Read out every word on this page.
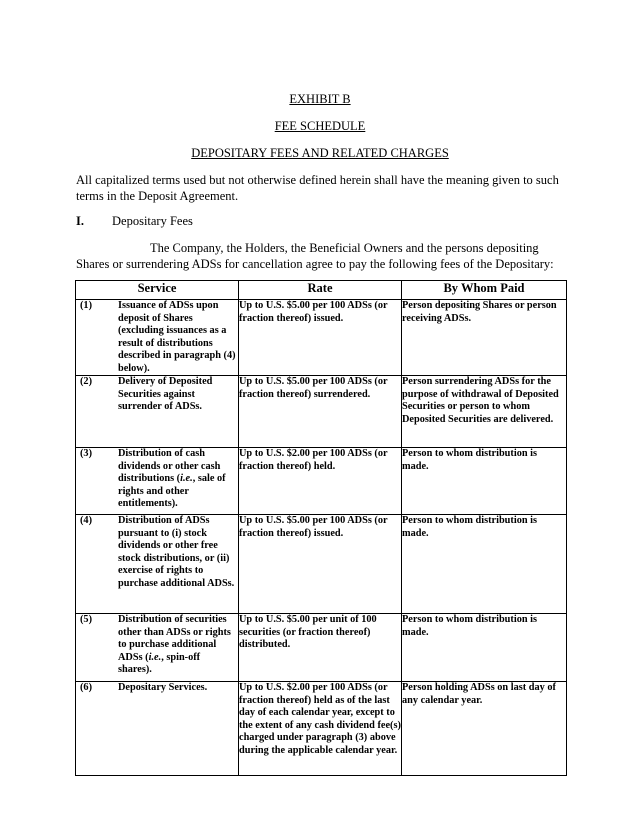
EXHIBIT B
FEE SCHEDULE
DEPOSITARY FEES AND RELATED CHARGES
All capitalized terms used but not otherwise defined herein shall have the meaning given to such terms in the Deposit Agreement.
I. Depositary Fees
The Company, the Holders, the Beneficial Owners and the persons depositing Shares or surrendering ADSs for cancellation agree to pay the following fees of the Depositary:
Service	Rate	By Whom Paid
(1) Issuance of ADSs upon deposit of Shares (excluding issuances as a result of distributions described in paragraph (4) below).	Up to U.S. $5.00 per 100 ADSs (or fraction thereof) issued.	Person depositing Shares or person receiving ADSs.
(2) Delivery of Deposited Securities against surrender of ADSs.	Up to U.S. $5.00 per 100 ADSs (or fraction thereof) surrendered.	Person surrendering ADSs for the purpose of withdrawal of Deposited Securities or person to whom Deposited Securities are delivered.
(3) Distribution of cash dividends or other cash distributions (i.e., sale of rights and other entitlements).	Up to U.S. $2.00 per 100 ADSs (or fraction thereof) held.	Person to whom distribution is made.
(4) Distribution of ADSs pursuant to (i) stock dividends or other free stock distributions, or (ii) exercise of rights to purchase additional ADSs.	Up to U.S. $5.00 per 100 ADSs (or fraction thereof) issued.	Person to whom distribution is made.
(5) Distribution of securities other than ADSs or rights to purchase additional ADSs (i.e., spin-off shares).	Up to U.S. $5.00 per unit of 100 securities (or fraction thereof) distributed.	Person to whom distribution is made.
(6) Depositary Services.	Up to U.S. $2.00 per 100 ADSs (or fraction thereof) held as of the last day of each calendar year, except to the extent of any cash dividend fee(s) charged under paragraph (3) above during the applicable calendar year.	Person holding ADSs on last day of any calendar year.
